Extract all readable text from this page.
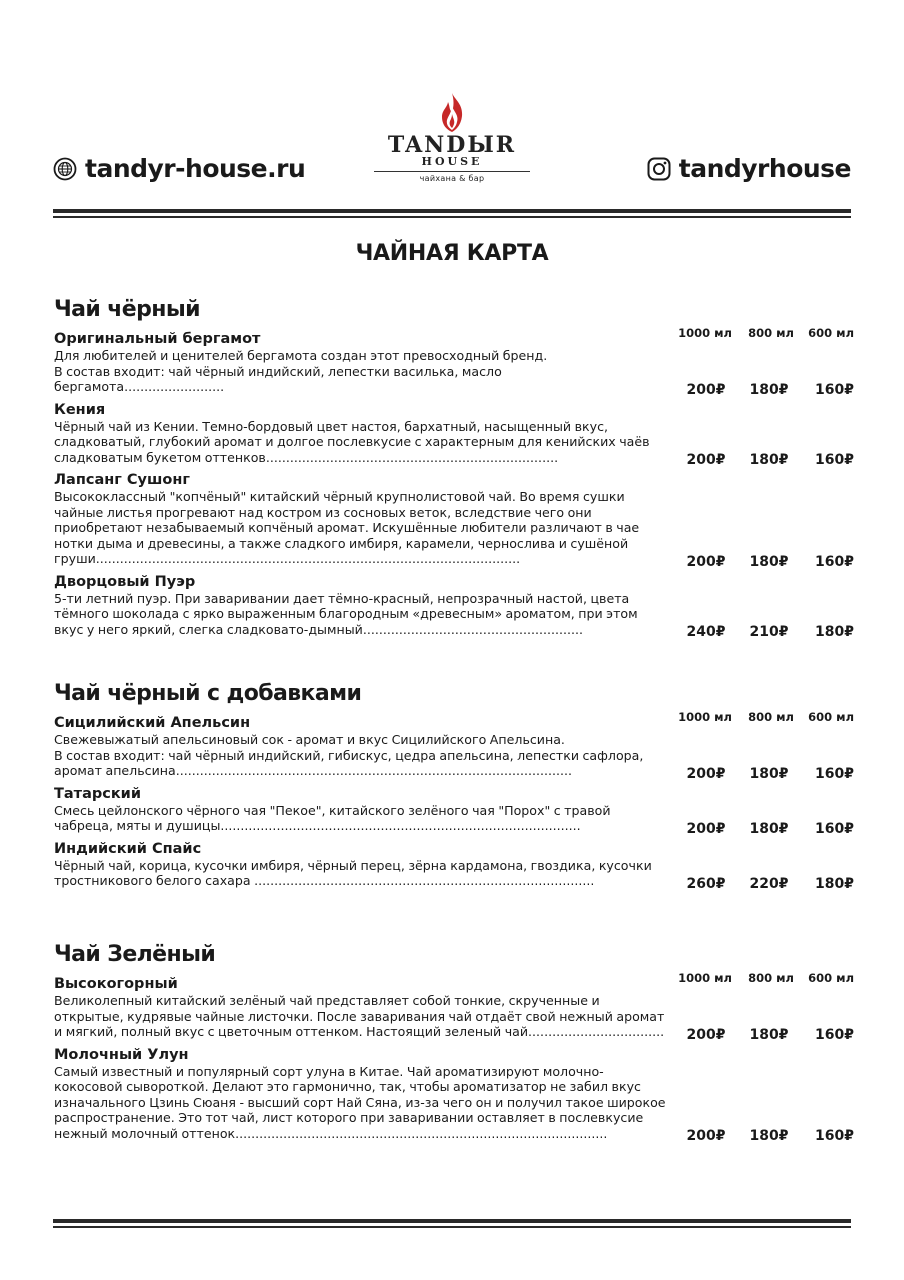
tandyr-house.ru
TANDЫR
HOUSE
чайхана & бар	tandyrhouse
ЧАЙНАЯ КАРТА
Чай чёрный
1000 мл	800 мл	600 мл
Оригинальный бергамот
Для любителей и ценителей бергамота создан этот превосходный бренд.
В состав входит: чай чёрный индийский, лепестки василька, масло бергамота.........................	200₽	180₽	160₽
Кения
Чёрный чай из Кении. Темно-бордовый цвет настоя, бархатный, насыщенный вкус,
сладковатый, глубокий аромат и долгое послевкусие с характерным для кенийских чаёв
сладковатым букетом оттенков.........................................................................	200₽	180₽	160₽
Лапсанг Сушонг
Высококлассный "копчёный" китайский чёрный крупнолистовой чай. Во время сушки
чайные листья прогревают над костром из сосновых веток, вследствие чего они
приобретают незабываемый копчёный аромат. Искушённые любители различают в чае
нотки дыма и древесины, а также сладкого имбиря, карамели, чернослива и сушёной
груши..........................................................................................................	200₽	180₽	160₽
Дворцовый Пуэр
5-ти летний пуэр. При заваривании дает тёмно-красный, непрозрачный настой, цвета
тёмного шоколада с ярко выраженным благородным «древесным» ароматом, при этом
вкус у него яркий, слегка сладковато-дымный.......................................................	240₽	210₽	180₽
Чай чёрный с добавками
1000 мл	800 мл	600 мл
Сицилийский Апельсин
Свежевыжатый апельсиновый сок - аромат и вкус Сицилийского Апельсина.
В состав входит: чай чёрный индийский, гибискус, цедра апельсина, лепестки сафлора,
аромат апельсина...................................................................................................	200₽	180₽	160₽
Татарский
Смесь цейлонского чёрного чая "Пекое", китайского зелёного чая "Порох" с травой
чабреца, мяты и душицы..........................................................................................	200₽	180₽	160₽
Индийский Спайс
Чёрный чай, корица, кусочки имбиря, чёрный перец, зёрна кардамона, гвоздика, кусочки
тростникового белого сахара .....................................................................................	260₽	220₽	180₽
Чай Зелёный
1000 мл	800 мл	600 мл
Высокогорный
Великолепный китайский зелёный чай представляет собой тонкие, скрученные и
открытые, кудрявые чайные листочки. После заваривания чай отдаёт свой нежный аромат
и мягкий, полный вкус с цветочным оттенком. Настоящий зеленый чай..................................	200₽	180₽	160₽
Молочный Улун
Самый известный и популярный сорт улуна в Китае. Чай ароматизируют молочно-
кокосовой сывороткой. Делают это гармонично, так, чтобы ароматизатор не забил вкус
изначального Цзинь Сюаня - высший сорт Най Сяна, из-за чего он и получил такое широкое
распространение. Это тот чай, лист которого при заваривании оставляет в послевкусие
нежный молочный оттенок.............................................................................................	200₽	180₽	160₽
